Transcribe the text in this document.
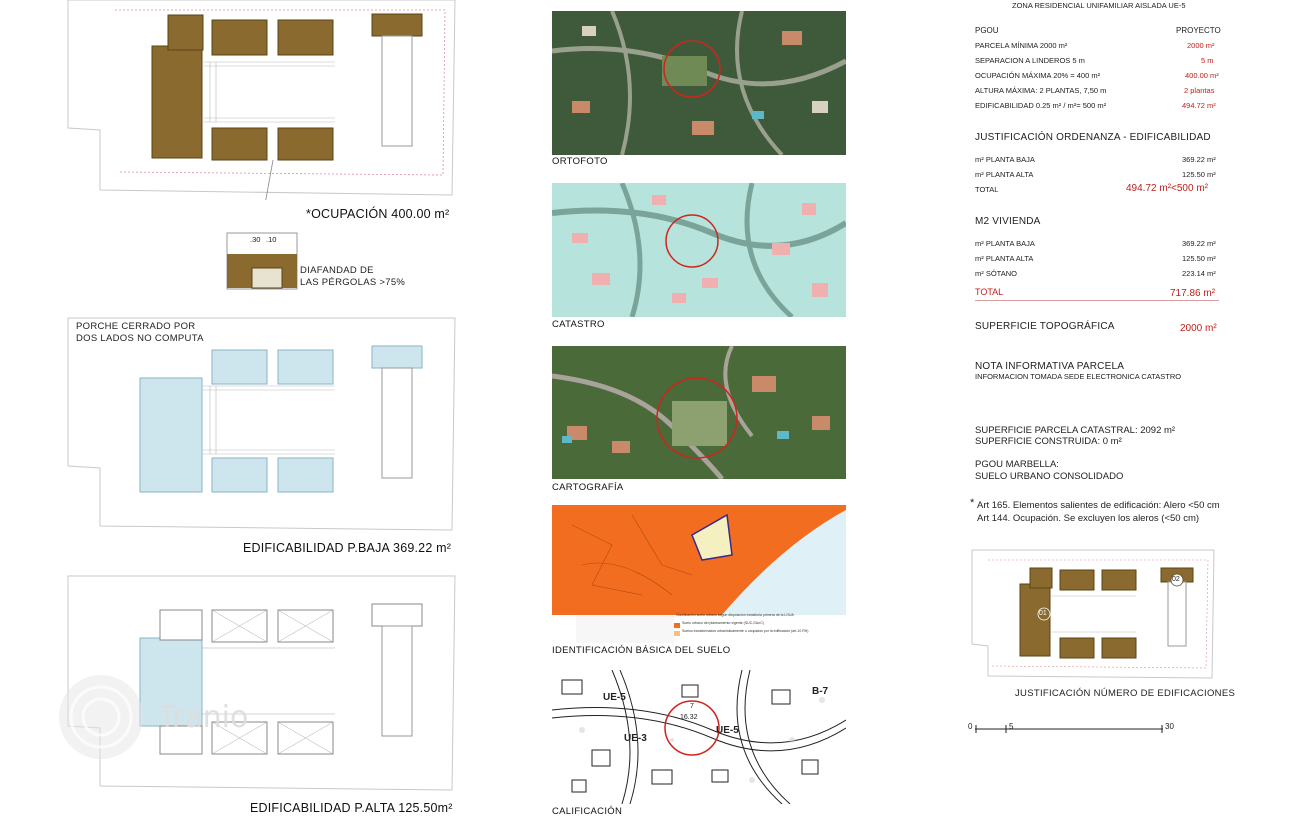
*OCUPACIÓN 400.00 m²
.30 .10
DIAFANDAD DE
LAS PÉRGOLAS >75%
PORCHE CERRADO POR
DOS LADOS NO COMPUTA
EDIFICABILIDAD P.BAJA 369.22 m²
EDIFICABILIDAD P.ALTA 125.50m²
Tranio
ORTOFOTO
CATASTRO
CARTOGRAFÍA
Clasificación suelo urbano según disposición transitoria primera de la LOUA
Suelo urbano del planeamiento vigente (SUC-SUnC)
Suelos transformados urbanísticamente u ocupados por la edificación (art.10 RH)
IDENTIFICACIÓN BÁSICA DEL SUELO
UE-5
UE-3
UE-5
B-7
16.32
7
CALIFICACIÓN
ZONA RESIDENCIAL UNIFAMILIAR AISLADA UE-5
PGOU	PROYECTO
PARCELA MÍNIMA 2000 m²	2000 m²
SEPARACION A LINDEROS 5 m	5 m
OCUPACIÓN MÁXIMA 20% = 400 m²	400.00 m²
ALTURA MÁXIMA: 2 PLANTAS, 7,50 m	2 plantas
EDIFICABILIDAD 0.25 m² / m²= 500 m²	494.72 m²
JUSTIFICACIÓN ORDENANZA - EDIFICABILIDAD
m² PLANTA BAJA	369.22 m²
m² PLANTA ALTA	125.50 m²
TOTAL	494.72 m²<500 m²
M2 VIVIENDA
m² PLANTA BAJA	369.22 m²
m² PLANTA ALTA	125.50 m²
m² SÓTANO	223.14 m²
TOTAL	717.86 m²
SUPERFICIE TOPOGRÁFICA	2000 m²
NOTA INFORMATIVA PARCELA
INFORMACION TOMADA SEDE ELECTRONICA CATASTRO
SUPERFICIE PARCELA CATASTRAL: 2092 m²
SUPERFICIE CONSTRUIDA: 0 m²
PGOU MARBELLA:
SUELO URBANO CONSOLIDADO
* Art 165. Elementos salientes de edificación: Alero <50 cm
Art 144. Ocupación. Se excluyen los aleros (<50 cm)
01
02
JUSTIFICACIÓN NÚMERO DE EDIFICACIONES
0	5	30
